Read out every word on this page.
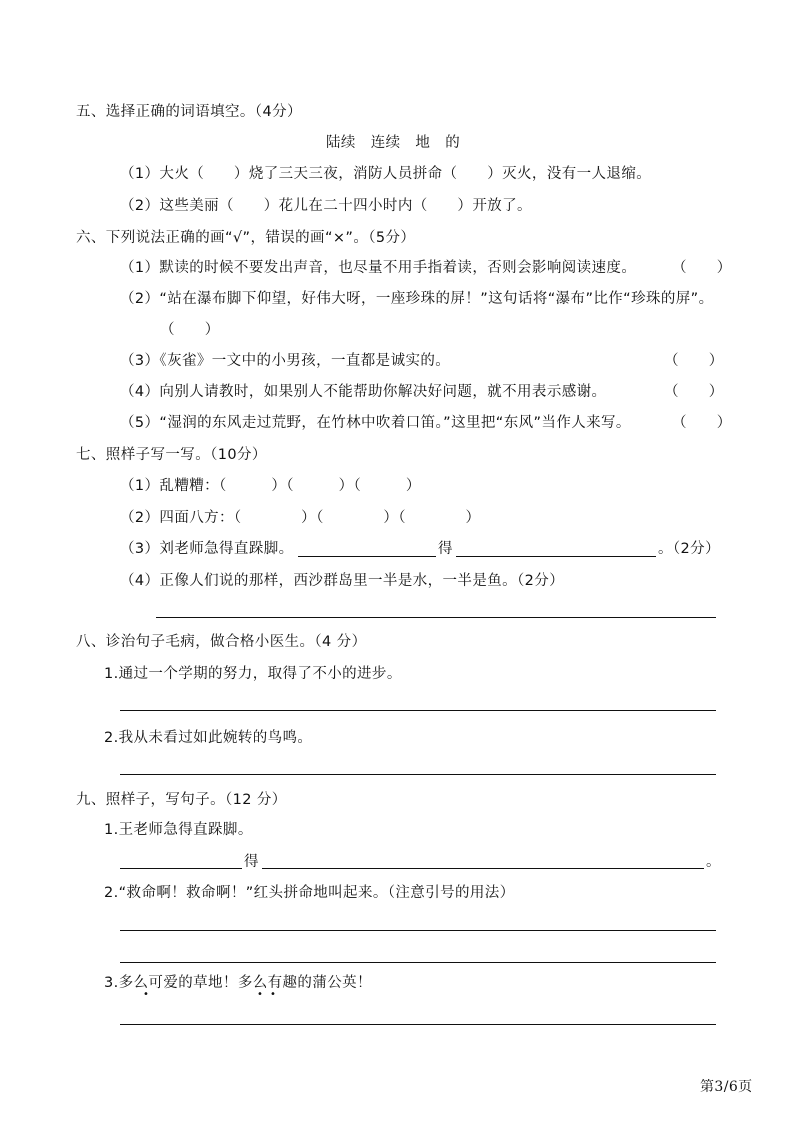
五、选择正确的词语填空。（4分）
陆续　连续　地　的
（1）大火（　　）烧了三天三夜，消防人员拼命（　　）灭火，没有一人退缩。
（2）这些美丽（　　）花儿在二十四小时内（　　）开放了。
六、下列说法正确的画“√”，错误的画“×”。（5分）
（1）默读的时候不要发出声音，也尽量不用手指着读，否则会影响阅读速度。 （　　）
（2）“站在瀑布脚下仰望，好伟大呀，一座珍珠的屏！”这句话将“瀑布”比作“珍珠的屏”。
（　　）
（3）《灰雀》一文中的小男孩，一直都是诚实的。	（　　）
（4）向别人请教时，如果别人不能帮助你解决好问题，就不用表示感谢。	（　　）
（5）“湿润的东风走过荒野，在竹林中吹着口笛。”这里把“东风”当作人来写。	（　　）
七、照样子写一写。（10分）
（1）乱糟糟：（　　　）（　　　）（　　　）
（2）四面八方：（　　　　）（　　　　）（　　　　）
（3）刘老师急得直跺脚。	得	。（2分）
（4）正像人们说的那样，西沙群岛里一半是水，一半是鱼。（2分）
八、诊治句子毛病，做合格小医生。（4 分）
1.通过一个学期的努力，取得了不小的进步。
2.我从未看过如此婉转的鸟鸣。
九、照样子，写句子。（12 分）
1.王老师急得直跺脚。
得	。
2.“救命啊！救命啊！”红头拼命地叫起来。（注意引号的用法）
3.多么可爱的草地！多么有趣的蒲公英！
•	• •
第3/6页
